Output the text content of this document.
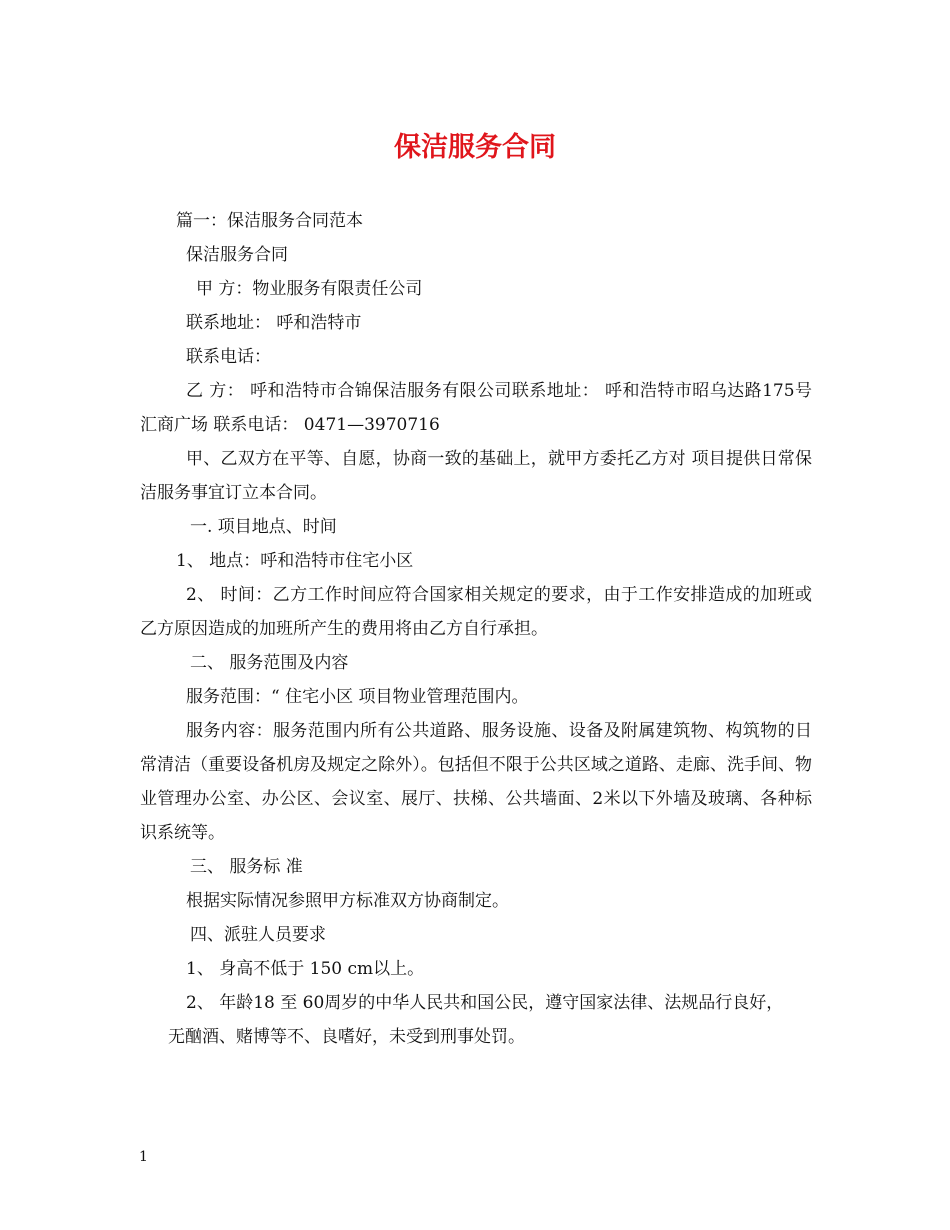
保洁服务合同

篇一：保洁服务合同范本

保洁服务合同

甲 方：物业服务有限责任公司

联系地址： 呼和浩特市

联系电话：

乙 方： 呼和浩特市合锦保洁服务有限公司联系地址： 呼和浩特市昭乌达路175号汇商广场 联系电话： 0471—3970716

甲、乙双方在平等、自愿，协商一致的基础上，就甲方委托乙方对 项目提供日常保洁服务事宜订立本合同。

一. 项目地点、时间

1、 地点：呼和浩特市住宅小区

2、 时间：乙方工作时间应符合国家相关规定的要求，由于工作安排造成的加班或乙方原因造成的加班所产生的费用将由乙方自行承担。

二、 服务范围及内容

服务范围：“ 住宅小区 项目物业管理范围内。

服务内容：服务范围内所有公共道路、服务设施、设备及附属建筑物、构筑物的日常清洁（重要设备机房及规定之除外）。包括但不限于公共区域之道路、走廊、洗手间、物业管理办公室、办公区、会议室、展厅、扶梯、公共墙面、2米以下外墙及玻璃、各种标识系统等。

三、 服务标 准

根据实际情况参照甲方标准双方协商制定。

四、派驻人员要求

1、 身高不低于 150 cm以上。

2、 年龄18 至 60周岁的中华人民共和国公民，遵守国家法律、法规品行良好，

无酗酒、赌博等不、良嗜好，未受到刑事处罚。

1
